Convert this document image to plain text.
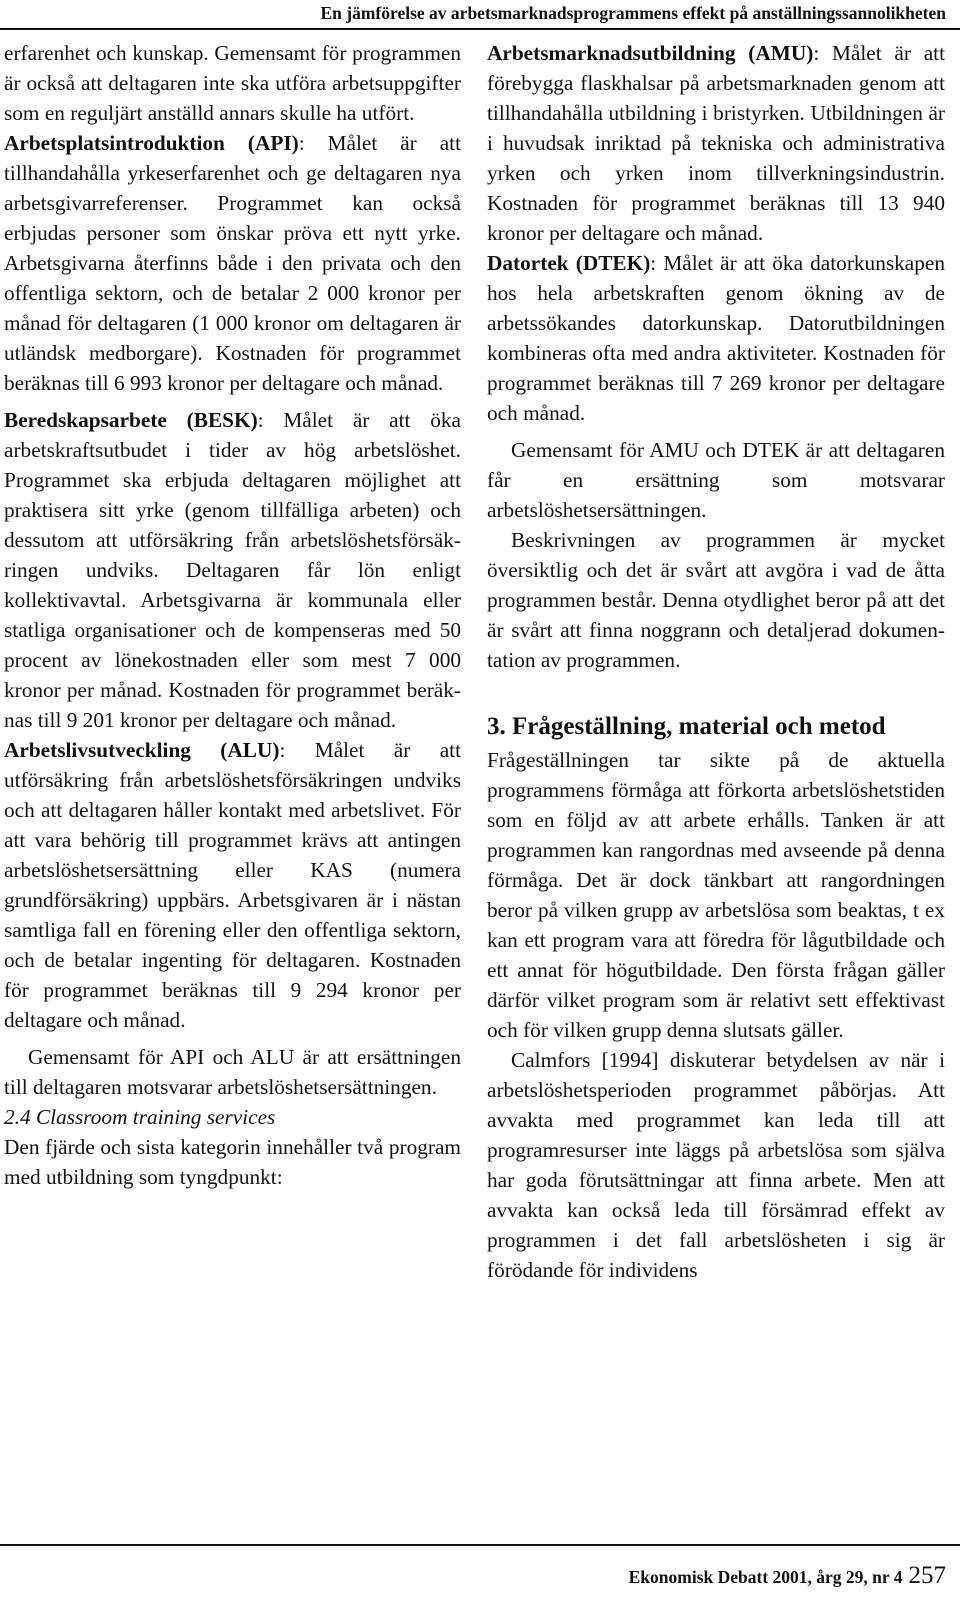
En jämförelse av arbetsmarknadsprogrammens effekt på anställningssannolikheten

erfarenhet och kunskap. Gemensamt för programmen är också att deltagaren inte ska utföra arbetsuppgifter som en reguljärt anställd annars skulle ha utfört.

Arbetsplatsintroduktion (API): Målet är att tillhandahålla yrkeserfarenhet och ge deltagaren nya arbetsgivarreferenser. Programmet kan också erbjudas personer som önskar pröva ett nytt yrke. Arbetsgivarna återfinns både i den privata och den offentliga sektorn, och de betalar 2 000 kronor per månad för deltagaren (1 000 kronor om deltagaren är utländsk medborgare). Kostnaden för programmet beräknas till 6 993 kronor per deltagare och månad.

Beredskapsarbete (BESK): Målet är att öka arbetskraftsutbudet i tider av hög arbetslöshet. Programmet ska erbjuda deltagaren möjlighet att praktisera sitt yrke (genom tillfälliga arbeten) och dessutom att utförsäkring från arbetslöshetsförsäkringen undviks. Deltagaren får lön enligt kollektivavtal. Arbetsgivarna är kommunala eller statliga organisationer och de kompenseras med 50 procent av lönekostnaden eller som mest 7 000 kronor per månad. Kostnaden för programmet beräknas till 9 201 kronor per deltagare och månad.

Arbetslivsutveckling (ALU): Målet är att utförsäkring från arbetslöshetsförsäkringen undviks och att deltagaren håller kontakt med arbetslivet. För att vara behörig till programmet krävs att antingen arbetslöshetsersättning eller KAS (numera grundförsäkring) uppbärs. Arbetsgivaren är i nästan samtliga fall en förening eller den offentliga sektorn, och de betalar ingenting för deltagaren. Kostnaden för programmet beräknas till 9 294 kronor per deltagare och månad.

Gemensamt för API och ALU är att ersättningen till deltagaren motsvarar arbetslöshetsersättningen.

2.4 Classroom training services

Den fjärde och sista kategorin innehåller två program med utbildning som tyngdpunkt:

Arbetsmarknadsutbildning (AMU): Målet är att förebygga flaskhalsar på arbetsmarknaden genom att tillhandahålla utbildning i bristyrken. Utbildningen är i huvudsak inriktad på tekniska och administrativa yrken och yrken inom tillverkningsindustrin. Kostnaden för programmet beräknas till 13 940 kronor per deltagare och månad.

Datortek (DTEK): Målet är att öka datorkunskapen hos hela arbetskraften genom ökning av de arbetssökandes datorkunskap. Datorutbildningen kombineras ofta med andra aktiviteter. Kostnaden för programmet beräknas till 7 269 kronor per deltagare och månad.

Gemensamt för AMU och DTEK är att deltagaren får en ersättning som motsvarar arbetslöshetsersättningen.

Beskrivningen av programmen är mycket översiktlig och det är svårt att avgöra i vad de åtta programmen består. Denna otydlighet beror på att det är svårt att finna noggrann och detaljerad dokumentation av programmen.

3. Frågeställning, material och metod

Frågeställningen tar sikte på de aktuella programmens förmåga att förkorta arbetslöshetstiden som en följd av att arbete erhålls. Tanken är att programmen kan rangordnas med avseende på denna förmåga. Det är dock tänkbart att rangordningen beror på vilken grupp av arbetslösa som beaktas, t ex kan ett program vara att föredra för lågutbildade och ett annat för högutbildade. Den första frågan gäller därför vilket program som är relativt sett effektivast och för vilken grupp denna slutsats gäller.

Calmfors [1994] diskuterar betydelsen av när i arbetslöshetsperioden programmet påbörjas. Att avvakta med programmet kan leda till att programresurser inte läggs på arbetslösa som själva har goda förutsättningar att finna arbete. Men att avvakta kan också leda till försämrad effekt av programmen i det fall arbetslösheten i sig är förödande för individens

Ekonomisk Debatt 2001, årg 29, nr 4 257
